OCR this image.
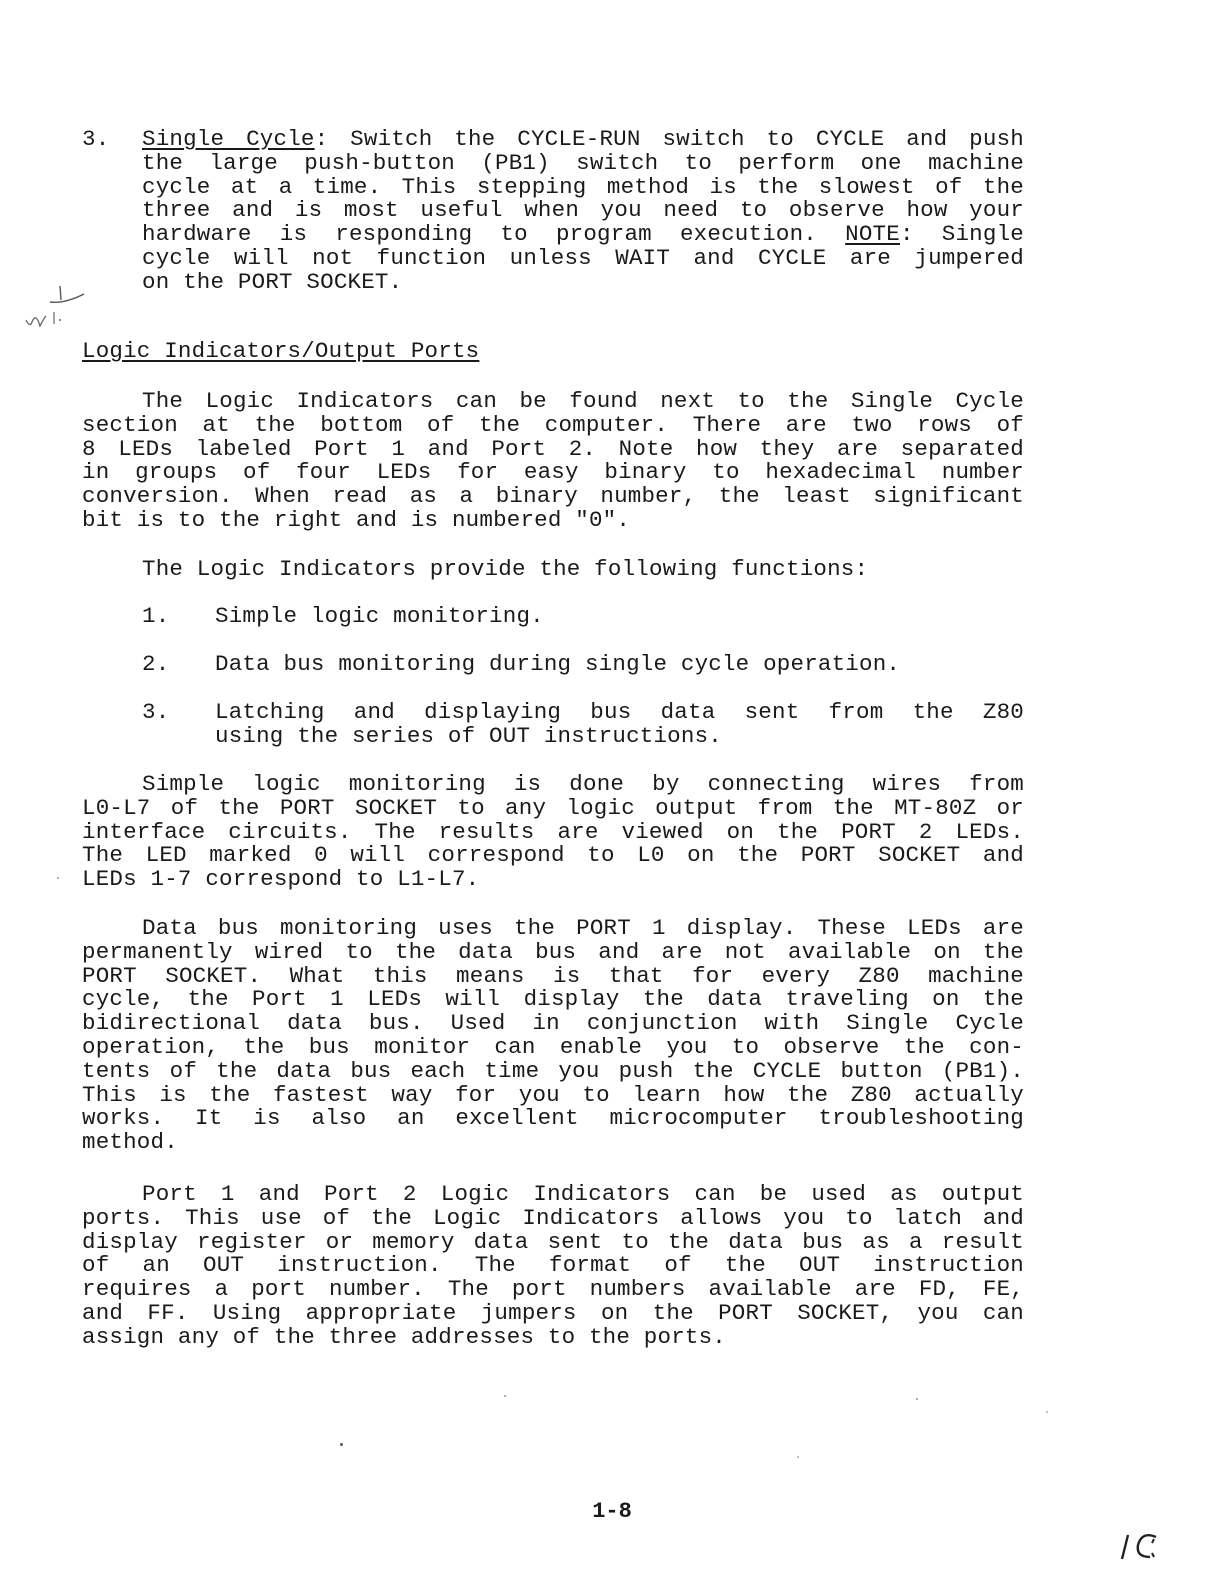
3.	Single Cycle: Switch the CYCLE-RUN switch to CYCLE and push
the large push-button (PB1) switch to perform one machine
cycle at a time. This stepping method is the slowest of the
three and is most useful when you need to observe how your
hardware is responding to program execution. NOTE: Single
cycle will not function unless WAIT and CYCLE are jumpered
on the PORT SOCKET.
Logic Indicators/Output Ports
The Logic Indicators can be found next to the Single Cycle
section at the bottom of the computer. There are two rows of
8 LEDs labeled Port 1 and Port 2. Note how they are separated
in groups of four LEDs for easy binary to hexadecimal number
conversion. When read as a binary number, the least significant
bit is to the right and is numbered "0".
The Logic Indicators provide the following functions:
1. Simple logic monitoring.
2. Data bus monitoring during single cycle operation.
3. Latching and displaying bus data sent from the Z80
using the series of OUT instructions.
Simple logic monitoring is done by connecting wires from
L0-L7 of the PORT SOCKET to any logic output from the MT-80Z or
interface circuits. The results are viewed on the PORT 2 LEDs.
The LED marked 0 will correspond to L0 on the PORT SOCKET and
LEDs 1-7 correspond to L1-L7.
Data bus monitoring uses the PORT 1 display. These LEDs are
permanently wired to the data bus and are not available on the
PORT SOCKET. What this means is that for every Z80 machine
cycle, the Port 1 LEDs will display the data traveling on the
bidirectional data bus. Used in conjunction with Single Cycle
operation, the bus monitor can enable you to observe the con-
tents of the data bus each time you push the CYCLE button (PB1).
This is the fastest way for you to learn how the Z80 actually
works. It is also an excellent microcomputer troubleshooting
method.
Port 1 and Port 2 Logic Indicators can be used as output
ports. This use of the Logic Indicators allows you to latch and
display register or memory data sent to the data bus as a result
of an OUT instruction. The format of the OUT instruction
requires a port number. The port numbers available are FD, FE,
and FF. Using appropriate jumpers on the PORT SOCKET, you can
assign any of the three addresses to the ports.
1-8
